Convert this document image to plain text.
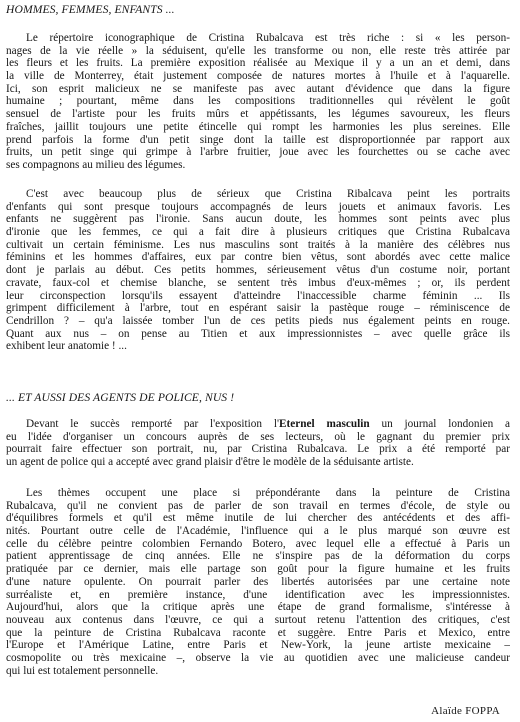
HOMMES, FEMMES, ENFANTS ...

Le répertoire iconographique de Cristina Rubalcava est très riche : si « les person-
nages de la vie réelle » la séduisent, qu'elle les transforme ou non, elle reste très attirée par
les fleurs et les fruits. La première exposition réalisée au Mexique il y a un an et demi, dans
la ville de Monterrey, était justement composée de natures mortes à l'huile et à l'aquarelle.
Ici, son esprit malicieux ne se manifeste pas avec autant d'évidence que dans la figure
humaine ; pourtant, même dans les compositions traditionnelles qui révèlent le goût
sensuel de l'artiste pour les fruits mûrs et appétissants, les légumes savoureux, les fleurs
fraîches, jaillit toujours une petite étincelle qui rompt les harmonies les plus sereines. Elle
prend parfois la forme d'un petit singe dont la taille est disproportionnée par rapport aux
fruits, un petit singe qui grimpe à l'arbre fruitier, joue avec les fourchettes ou se cache avec
ses compagnons au milieu des légumes.

C'est avec beaucoup plus de sérieux que Cristina Ribalcava peint les portraits
d'enfants qui sont presque toujours accompagnés de leurs jouets et animaux favoris. Les
enfants ne suggèrent pas l'ironie. Sans aucun doute, les hommes sont peints avec plus
d'ironie que les femmes, ce qui a fait dire à plusieurs critiques que Cristina Rubalcava
cultivait un certain féminisme. Les nus masculins sont traités à la manière des célèbres nus
féminins et les hommes d'affaires, eux par contre bien vêtus, sont abordés avec cette malice
dont je parlais au début. Ces petits hommes, sérieusement vêtus d'un costume noir, portant
cravate, faux-col et chemise blanche, se sentent très imbus d'eux-mêmes ; or, ils perdent
leur circonspection lorsqu'ils essayent d'atteindre l'inaccessible charme féminin ... Ils
grimpent difficilement à l'arbre, tout en espérant saisir la pastèque rouge – réminiscence de
Cendrillon ? – qu'a laissée tomber l'un de ces petits pieds nus également peints en rouge.
Quant aux nus – on pense au Titien et aux impressionnistes – avec quelle grâce ils
exhibent leur anatomie ! ...

... ET AUSSI DES AGENTS DE POLICE, NUS !

Devant le succès remporté par l'exposition l'Eternel masculin un journal londonien a
eu l'idée d'organiser un concours auprès de ses lecteurs, où le gagnant du premier prix
pourrait faire effectuer son portrait, nu, par Cristina Rubalcava. Le prix a été remporté par
un agent de police qui a accepté avec grand plaisir d'être le modèle de la séduisante artiste.

Les thèmes occupent une place si prépondérante dans la peinture de Cristina
Rubalcava, qu'il ne convient pas de parler de son travail en termes d'école, de style ou
d'équilibres formels et qu'il est même inutile de lui chercher des antécédents et des affi-
nités. Pourtant outre celle de l'Académie, l'influence qui a le plus marqué son œuvre est
celle du célèbre peintre colombien Fernando Botero, avec lequel elle a effectué à Paris un
patient apprentissage de cinq années. Elle ne s'inspire pas de la déformation du corps
pratiquée par ce dernier, mais elle partage son goût pour la figure humaine et les fruits
d'une nature opulente. On pourrait parler des libertés autorisées par une certaine note
surréaliste et, en première instance, d'une identification avec les impressionnistes.
Aujourd'hui, alors que la critique après une étape de grand formalisme, s'intéresse à
nouveau aux contenus dans l'œuvre, ce qui a surtout retenu l'attention des critiques, c'est
que la peinture de Cristina Rubalcava raconte et suggère. Entre Paris et Mexico, entre
l'Europe et l'Amérique Latine, entre Paris et New-York, la jeune artiste mexicaine –
cosmopolite ou très mexicaine –, observe la vie au quotidien avec une malicieuse candeur
qui lui est totalement personnelle.

Alaïde FOPPA
